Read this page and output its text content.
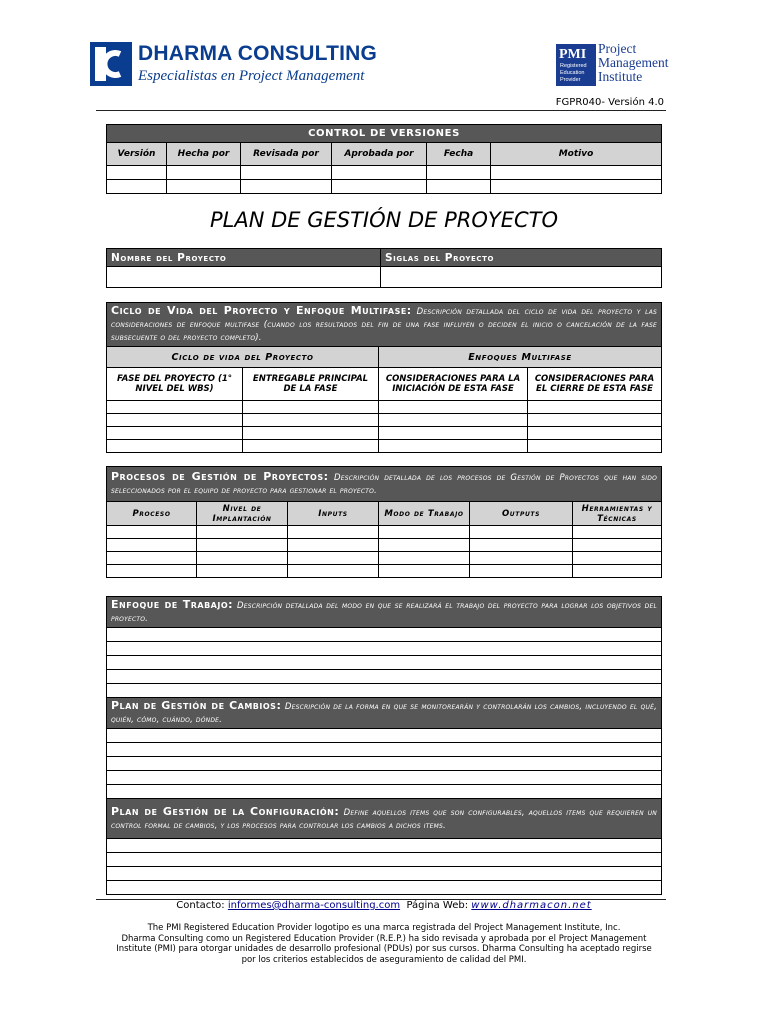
DHARMA CONSULTING
Especialistas en Project Management
PMI
Registered
Education
Provider
Project
Management
Institute
FGPR040- Versión 4.0
CONTROL DE VERSIONES					
Versión	Hecha por	Revisada por	Aprobada por	Fecha	Motivo

PLAN DE GESTIÓN DE PROYECTO
Nombre del Proyecto	Siglas del Proyecto

Ciclo de Vida del Proyecto y Enfoque Multifase: Descripción detallada del ciclo de vida del proyecto y las consideraciones de enfoque multifase (cuando los resultados del fin de una fase influyen o deciden el inicio o cancelación de la fase subsecuente o del proyecto completo).			
Ciclo de vida del Proyecto		Enfoques Multifase	
FASE DEL PROYECTO (1° NIVEL DEL WBS)	ENTREGABLE PRINCIPAL DE LA FASE	CONSIDERACIONES PARA LA INICIACIÓN DE ESTA FASE	CONSIDERACIONES PARA EL CIERRE DE ESTA FASE

Procesos de Gestión de Proyectos: Descripción detallada de los procesos de Gestión de Proyectos que han sido seleccionados por el equipo de proyecto para gestionar el proyecto.					
Proceso	Nivel de Implantación	Inputs	Modo de Trabajo	Outputs	Herramientas y Técnicas

Enfoque de Trabajo: Descripción detallada del modo en que se realizará el trabajo del proyecto para lograr los objetivos del proyecto.

Plan de Gestión de Cambios: Descripción de la forma en que se monitorearán y controlarán los cambios, incluyendo el qué, quién, cómo, cuándo, dónde.

Plan de Gestión de la Configuración: Define aquellos items que son configurables, aquellos items que requieren un control formal de cambios, y los procesos para controlar los cambios a dichos items.

Contacto: informes@dharma-consulting.com Página Web: www.dharmacon.net
The PMI Registered Education Provider logotipo es una marca registrada del Project Management Institute, Inc.
Dharma Consulting como un Registered Education Provider (R.E.P.) ha sido revisada y aprobada por el Project Management
Institute (PMI) para otorgar unidades de desarrollo profesional (PDUs) por sus cursos. Dharma Consulting ha aceptado regirse
por los criterios establecidos de aseguramiento de calidad del PMI.
